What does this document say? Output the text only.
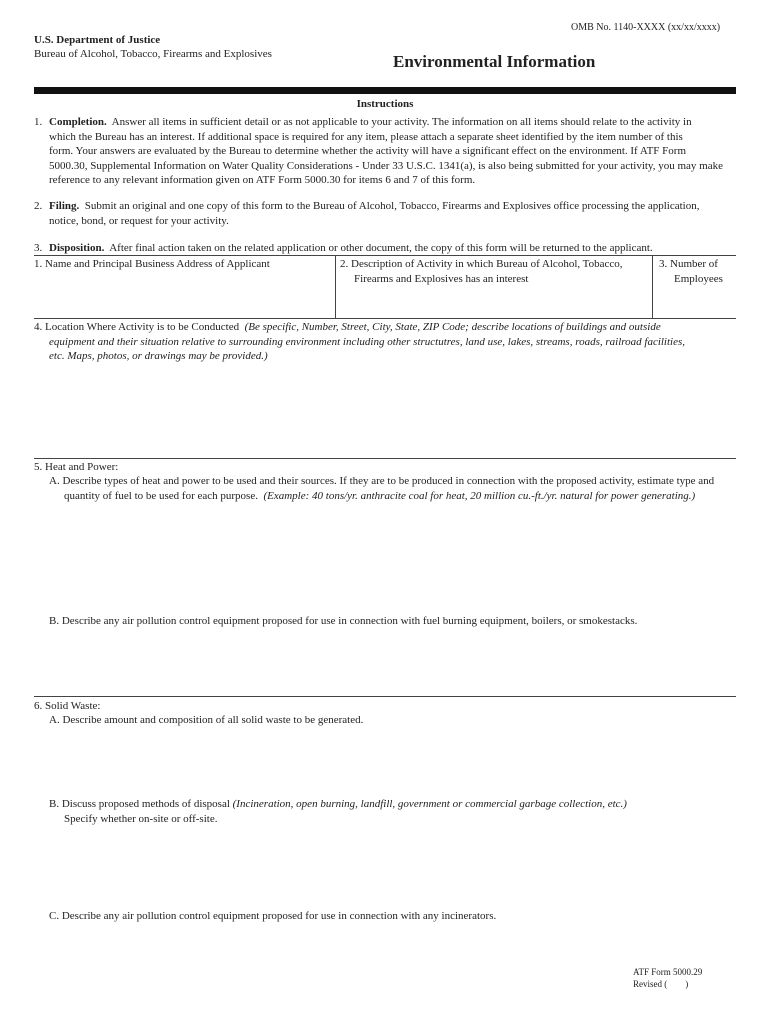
OMB No. 1140-XXXX (xx/xx/xxxx)
U.S. Department of Justice
Bureau of Alcohol, Tobacco, Firearms and Explosives	Environmental Information
Instructions
1. Completion. Answer all items in sufficient detail or as not applicable to your activity. The information on all items should relate to the activity in
which the Bureau has an interest. If additional space is required for any item, please attach a separate sheet identified by the item number of this
form. Your answers are evaluated by the Bureau to determine whether the activity will have a significant effect on the environment. If ATF Form
5000.30, Supplemental Information on Water Quality Considerations - Under 33 U.S.C. 1341(a), is also being submitted for your activity, you may make
reference to any relevant information given on ATF Form 5000.30 for items 6 and 7 of this form.
2. Filing. Submit an original and one copy of this form to the Bureau of Alcohol, Tobacco, Firearms and Explosives office processing the application,
notice, bond, or request for your activity.
3. Disposition. After final action taken on the related application or other document, the copy of this form will be returned to the applicant.
1. Name and Principal Business Address of Applicant	2. Description of Activity in which Bureau of Alcohol, Tobacco,
Firearms and Explosives has an interest
3. Number of
Employees
4. Location Where Activity is to be Conducted (Be specific, Number, Street, City, State, ZIP Code; describe locations of buildings and outside
equipment and their situation relative to surrounding environment including other structutres, land use, lakes, streams, roads, railroad facilities,
etc. Maps, photos, or drawings may be provided.)
5. Heat and Power:
A. Describe types of heat and power to be used and their sources. If they are to be produced in connection with the proposed activity, estimate type and
quantity of fuel to be used for each purpose. (Example: 40 tons/yr. anthracite coal for heat, 20 million cu.-ft./yr. natural for power generating.)
B. Describe any air pollution control equipment proposed for use in connection with fuel burning equipment, boilers, or smokestacks.
6. Solid Waste:
A. Describe amount and composition of all solid waste to be generated.
B. Discuss proposed methods of disposal (Incineration, open burning, landfill, government or commercial garbage collection, etc.)
Specify whether on-site or off-site.
C. Describe any air pollution control equipment proposed for use in connection with any incinerators.
ATF Form 5000.29
Revised (        )
